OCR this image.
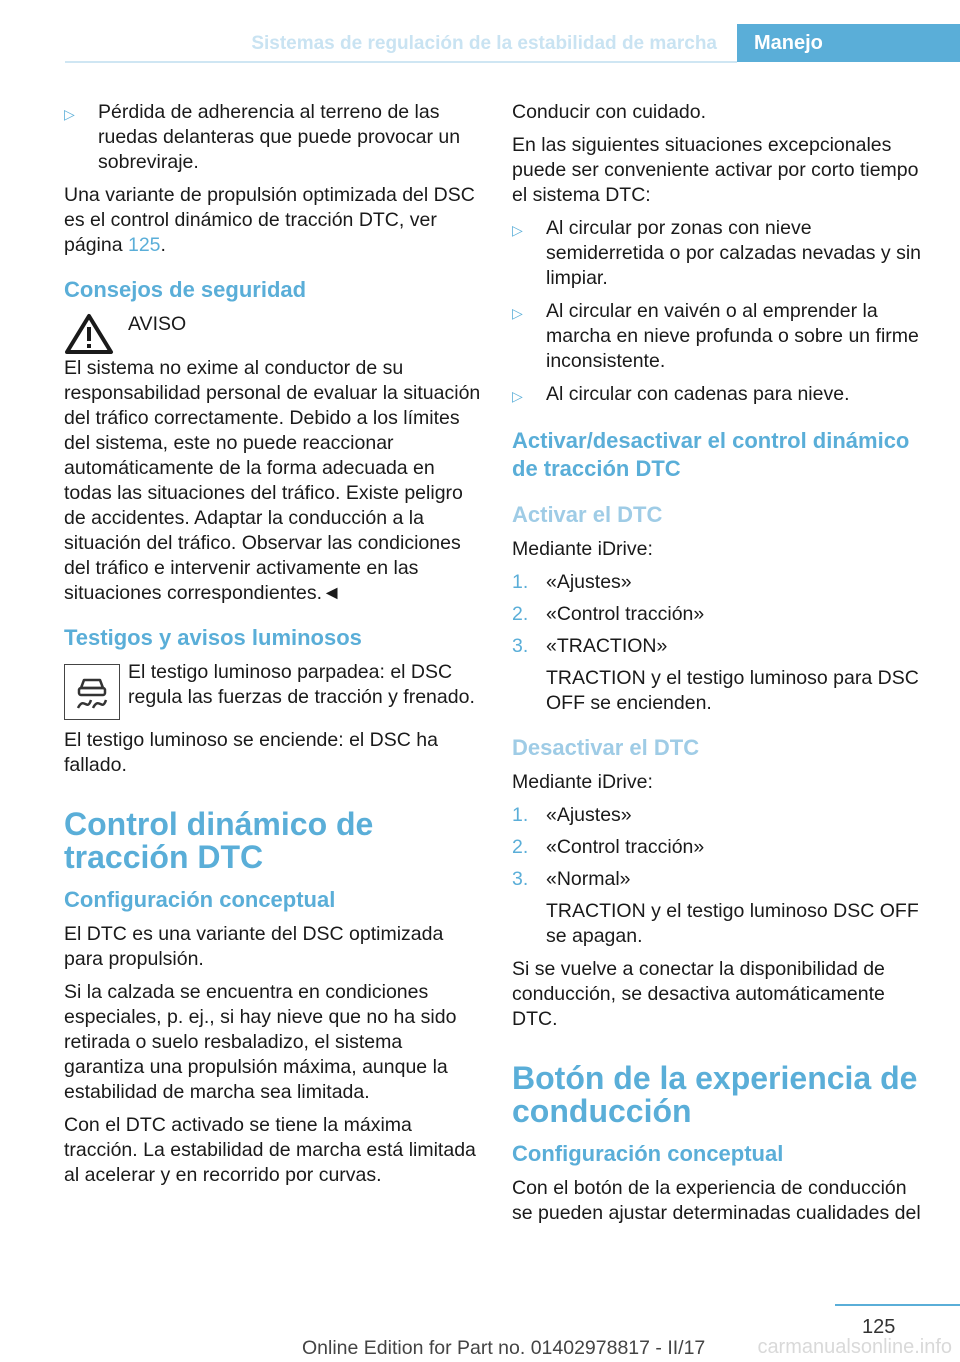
Sistemas de regulación de la estabilidad de marcha	Manejo
▷	Pérdida de adherencia al terreno de las ruedas delanteras que puede provocar un sobreviraje.

Una variante de propulsión optimizada del DSC es el control dinámico de tracción DTC, ver página 125.

Consejos de seguridad
AVISO

El sistema no exime al conductor de su responsabilidad personal de evaluar la situación del tráfico correctamente. Debido a los límites del sistema, este no puede reaccionar automáticamente de la forma adecuada en todas las situaciones del tráfico. Existe peligro de accidentes. Adaptar la conducción a la situación del tráfico. Observar las condiciones del tráfico e intervenir activamente en las situaciones correspondientes.◄

Testigos y avisos luminosos
El testigo luminoso parpadea: el DSC regula las fuerzas de tracción y frenado.

El testigo luminoso se enciende: el DSC ha fallado.

Control dinámico de tracción DTC
Configuración conceptual

El DTC es una variante del DSC optimizada para propulsión.

Si la calzada se encuentra en condiciones especiales, p. ej., si hay nieve que no ha sido retirada o suelo resbaladizo, el sistema garantiza una propulsión máxima, aunque la estabilidad de marcha sea limitada.

Con el DTC activado se tiene la máxima tracción. La estabilidad de marcha está limitada al acelerar y en recorrido por curvas.

Conducir con cuidado.

En las siguientes situaciones excepcionales puede ser conveniente activar por corto tiempo el sistema DTC:

▷	Al circular por zonas con nieve semiderretida o por calzadas nevadas y sin limpiar.
▷	Al circular en vaivén o al emprender la marcha en nieve profunda o sobre un firme inconsistente.
▷	Al circular con cadenas para nieve.
Activar/desactivar el control dinámico de tracción DTC
Activar el DTC

Mediante iDrive:

1. «Ajustes»
2. «Control tracción»
3. «TRACTION»

TRACTION y el testigo luminoso para DSC OFF se encienden.

Desactivar el DTC

Mediante iDrive:

1. «Ajustes»
2. «Control tracción»
3. «Normal»

TRACTION y el testigo luminoso DSC OFF se apagan.

Si se vuelve a conectar la disponibilidad de conducción, se desactiva automáticamente DTC.

Botón de la experiencia de conducción
Configuración conceptual

Con el botón de la experiencia de conducción se pueden ajustar determinadas cualidades del

125
Online Edition for Part no. 01402978817 - II/17	carmanualsonline.info
